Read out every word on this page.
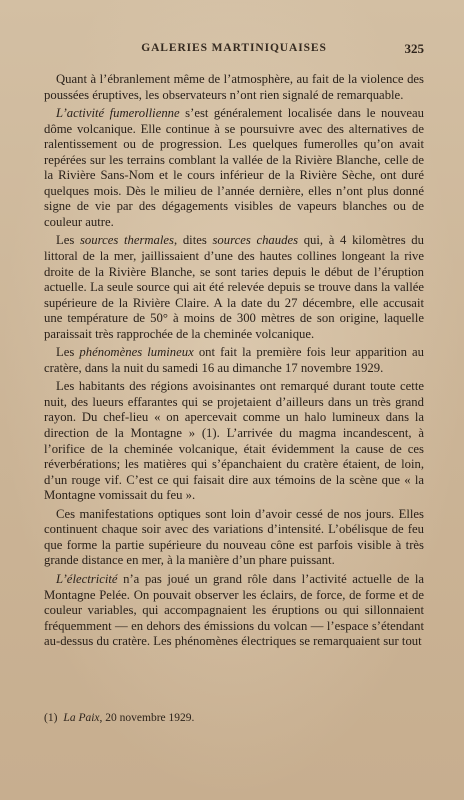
GALERIES MARTINIQUAISES	325

Quant à l’ébranlement même de l’atmosphère, au fait de la violence des poussées éruptives, les observateurs n’ont rien signalé de remarquable.

L’activité fumerollienne s’est généralement localisée dans le nouveau dôme volcanique. Elle continue à se poursuivre avec des alternatives de ralentissement ou de progression. Les quelques fumerolles qu’on avait repérées sur les terrains comblant la vallée de la Rivière Blanche, celle de la Rivière Sans-Nom et le cours inférieur de la Rivière Sèche, ont duré quelques mois. Dès le milieu de l’année dernière, elles n’ont plus donné signe de vie par des dégagements visibles de vapeurs blanches ou de couleur autre.

Les sources thermales, dites sources chaudes qui, à 4 kilomètres du littoral de la mer, jaillissaient d’une des hautes collines longeant la rive droite de la Rivière Blanche, se sont taries depuis le début de l’éruption actuelle. La seule source qui ait été relevée depuis se trouve dans la vallée supérieure de la Rivière Claire. A la date du 27 décembre, elle accusait une température de 50° à moins de 300 mètres de son origine, laquelle paraissait très rapprochée de la cheminée volcanique.

Les phénomènes lumineux ont fait la première fois leur apparition au cratère, dans la nuit du samedi 16 au dimanche 17 novembre 1929.

Les habitants des régions avoisinantes ont remarqué durant toute cette nuit, des lueurs effarantes qui se projetaient d’ailleurs dans un très grand rayon. Du chef-lieu « on apercevait comme un halo lumineux dans la direction de la Montagne » (1). L’arrivée du magma incandescent, à l’orifice de la cheminée volcanique, était évidemment la cause de ces réverbérations; les matières qui s’épanchaient du cratère étaient, de loin, d’un rouge vif. C’est ce qui faisait dire aux témoins de la scène que « la Montagne vomissait du feu ».

Ces manifestations optiques sont loin d’avoir cessé de nos jours. Elles continuent chaque soir avec des variations d’intensité. L’obélisque de feu que forme la partie supérieure du nouveau cône est parfois visible à très grande distance en mer, à la manière d’un phare puissant.

L’électricité n’a pas joué un grand rôle dans l’activité actuelle de la Montagne Pelée. On pouvait observer les éclairs, de force, de forme et de couleur variables, qui accompagnaient les éruptions ou qui sillonnaient fréquemment — en dehors des émissions du volcan — l’espace s’étendant au-dessus du cratère. Les phénomènes électriques se remarquaient sur tout

(1) La Paix, 20 novembre 1929.
